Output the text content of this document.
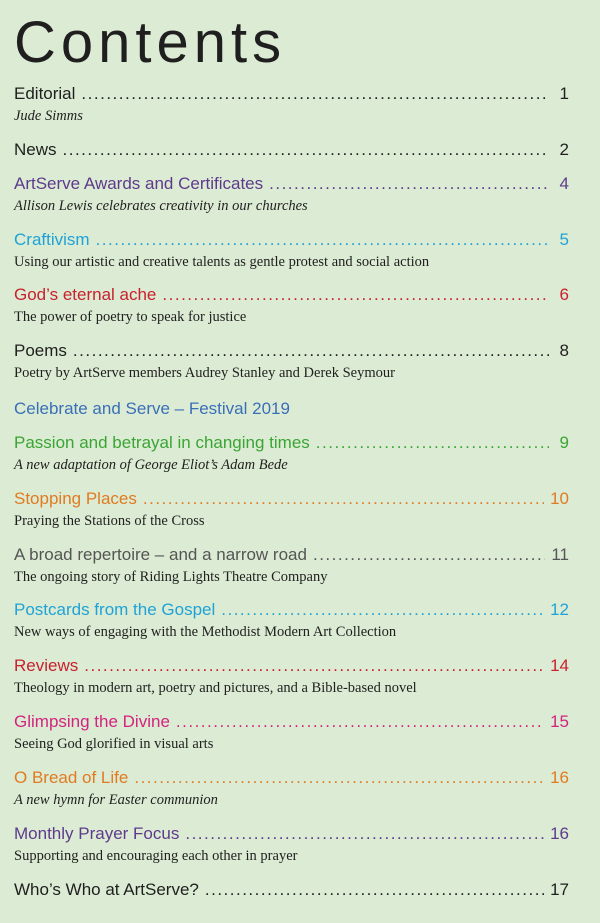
Contents
Editorial .....	1
Jude Simms
News .....	2
ArtServe Awards and Certificates .....	4
Allison Lewis celebrates creativity in our churches
Craftivism .....	5
Using our artistic and creative talents as gentle protest and social action
God’s eternal ache .....	6
The power of poetry to speak for justice
Poems .....	8
Poetry by ArtServe members Audrey Stanley and Derek Seymour
Celebrate and Serve – Festival 2019
Passion and betrayal in changing times .....	9
A new adaptation of George Eliot’s Adam Bede
Stopping Places .....	10
Praying the Stations of the Cross
A broad repertoire – and a narrow road .....	11
The ongoing story of Riding Lights Theatre Company
Postcards from the Gospel .....	12
New ways of engaging with the Methodist Modern Art Collection
Reviews .....	14
Theology in modern art, poetry and pictures, and a Bible-based novel
Glimpsing the Divine .....	15
Seeing God glorified in visual arts
O Bread of Life .....	16
A new hymn for Easter communion
Monthly Prayer Focus .....	16
Supporting and encouraging each other in prayer
Who’s Who at ArtServe? .....	17
